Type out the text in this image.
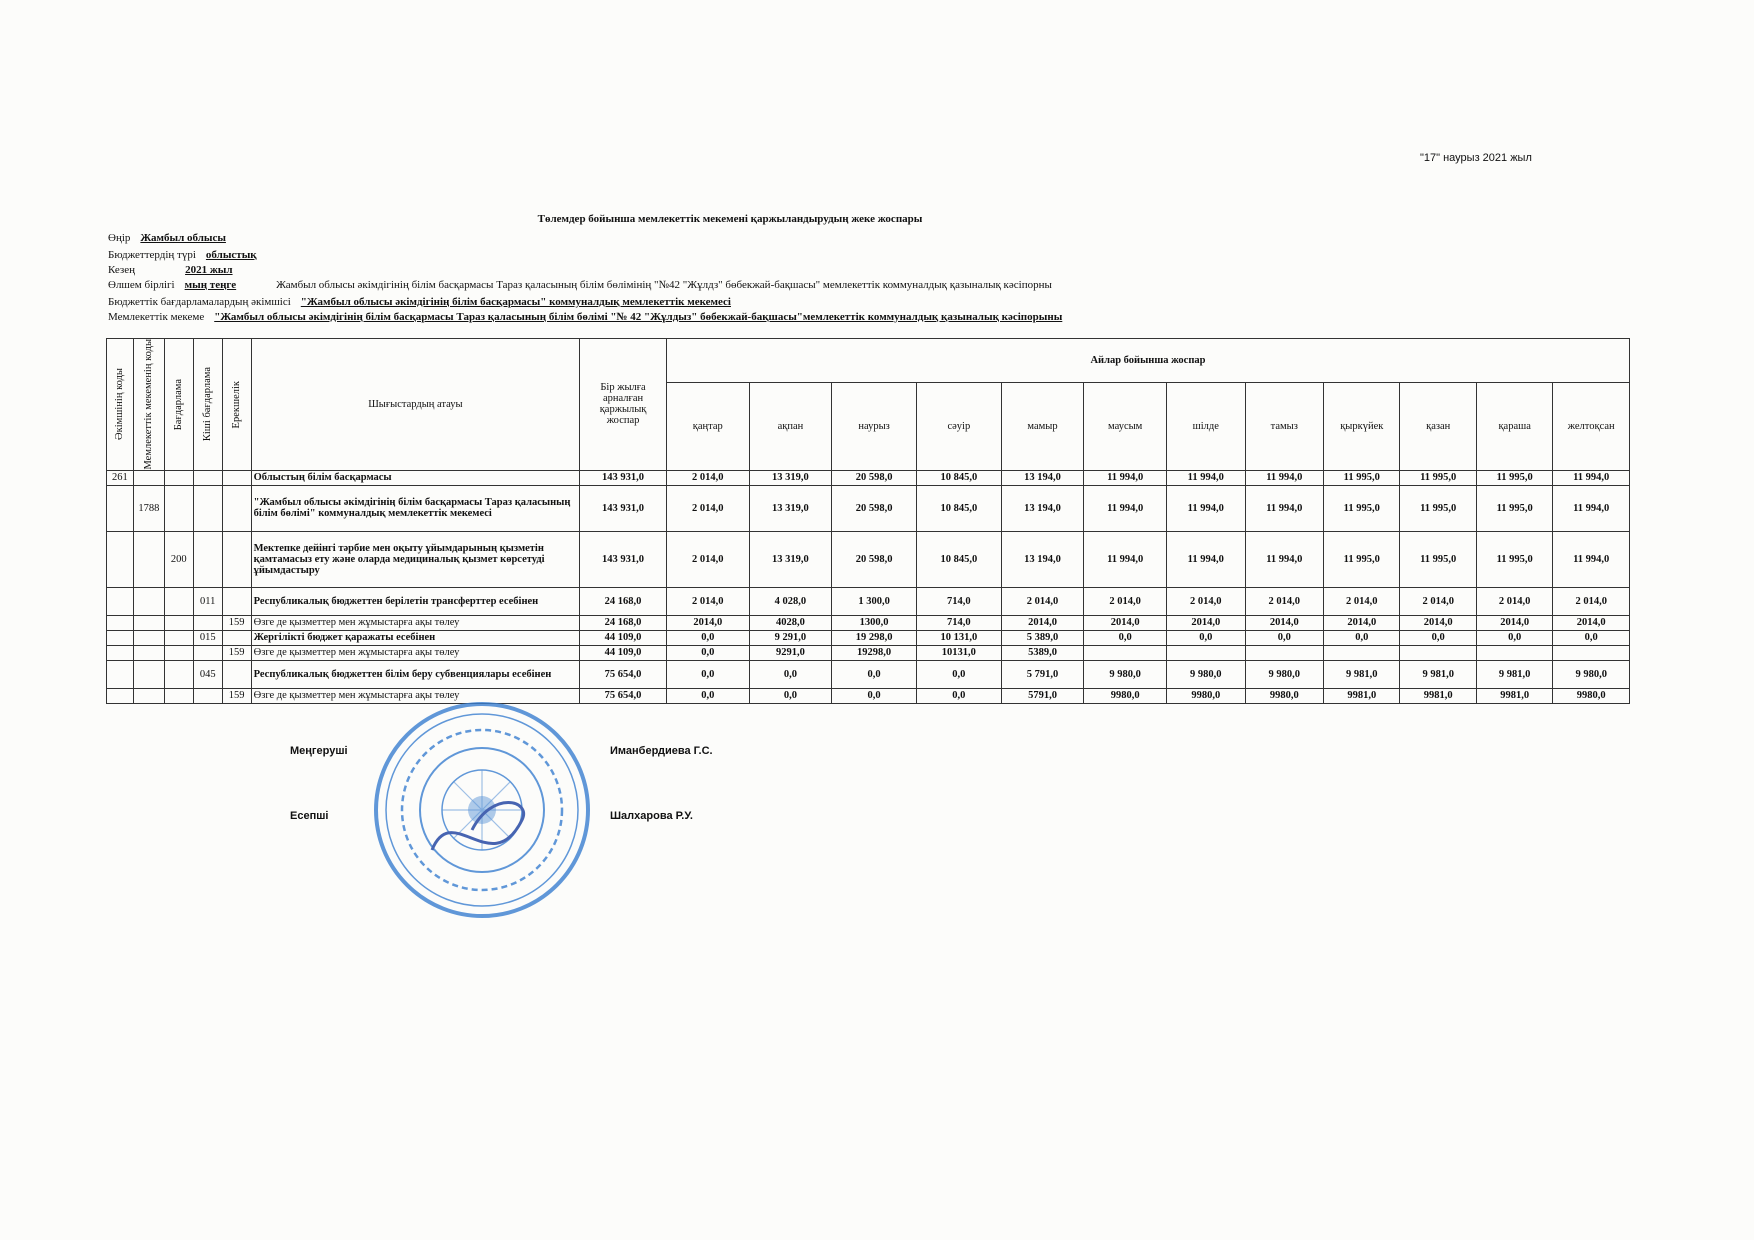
"17" наурыз 2021 жыл
Төлемдер бойынша мемлекеттік мекемені қаржыландырудың жеке жоспары
Өңір Жамбыл облысы
Бюджеттердің түрі облыстық
Кезең	2021 жыл
Өлшем бірлігі мың теңге	Жамбыл облысы әкімдігінің білім басқармасы Тараз қаласының білім бөлімінің "№42 "Жұлдз" бөбекжай-бақшасы" мемлекеттік коммуналдық қазыналық кәсіпорны
Бюджеттік бағдарламалардың әкімшісі "Жамбыл облысы әкімдігінің білім басқармасы" коммуналдық мемлекеттік мекемесі
Мемлекеттік мекеме "Жамбыл облысы әкімдігінің білім басқармасы Тараз қаласының білім бөлімі "№ 42 "Жұлдыз" бөбекжай-бақшасы"мемлекеттік коммуналдық қазыналық кәсіпорыны
Әкімшінің коды	Мемлекеттік мекеменің коды	Бағдарлама	Кіші бағдарлама	Ерекшелік	Шығыстардың атауы	Бір жылға арналған қаржылық жоспар	Айлар бойынша жоспар											
							қаңтар	ақпан	наурыз	сәуір	мамыр	маусым	шілде	тамыз	қыркүйек	қазан	қараша	желтоқсан
261					Облыстың білім басқармасы	143 931,0	2 014,0	13 319,0	20 598,0	10 845,0	13 194,0	11 994,0	11 994,0	11 994,0	11 995,0	11 995,0	11 995,0	11 994,0
	1788				"Жамбыл облысы әкімдігінің білім басқармасы Тараз қаласының білім бөлімі" коммуналдық мемлекеттік мекемесі	143 931,0	2 014,0	13 319,0	20 598,0	10 845,0	13 194,0	11 994,0	11 994,0	11 994,0	11 995,0	11 995,0	11 995,0	11 994,0
		200			Мектепке дейінгі тәрбие мен оқыту ұйымдарының қызметін қамтамасыз ету және оларда медициналық қызмет көрсетуді ұйымдастыру	143 931,0	2 014,0	13 319,0	20 598,0	10 845,0	13 194,0	11 994,0	11 994,0	11 994,0	11 995,0	11 995,0	11 995,0	11 994,0
			011		Республикалық бюджеттен берілетін трансферттер есебінен	24 168,0	2 014,0	4 028,0	1 300,0	714,0	2 014,0	2 014,0	2 014,0	2 014,0	2 014,0	2 014,0	2 014,0	2 014,0
				159	Өзге де қызметтер мен жұмыстарға ақы төлеу	24 168,0	2014,0	4028,0	1300,0	714,0	2014,0	2014,0	2014,0	2014,0	2014,0	2014,0	2014,0	2014,0
			015		Жергілікті бюджет қаражаты есебінен	44 109,0	0,0	9 291,0	19 298,0	10 131,0	5 389,0	0,0	0,0	0,0	0,0	0,0	0,0	0,0
				159	Өзге де қызметтер мен жұмыстарға ақы төлеу	44 109,0	0,0	9291,0	19298,0	10131,0	5389,0							
			045		Республикалық бюджеттен білім беру субвенциялары есебінен	75 654,0	0,0	0,0	0,0	0,0	5 791,0	9 980,0	9 980,0	9 980,0	9 981,0	9 981,0	9 981,0	9 980,0
				159	Өзге де қызметтер мен жұмыстарға ақы төлеу	75 654,0	0,0	0,0	0,0	0,0	5791,0	9980,0	9980,0	9980,0	9981,0	9981,0	9981,0	9980,0
Меңгеруші	Иманбердиева Г.С.
Есепші	Шалхарова Р.У.
